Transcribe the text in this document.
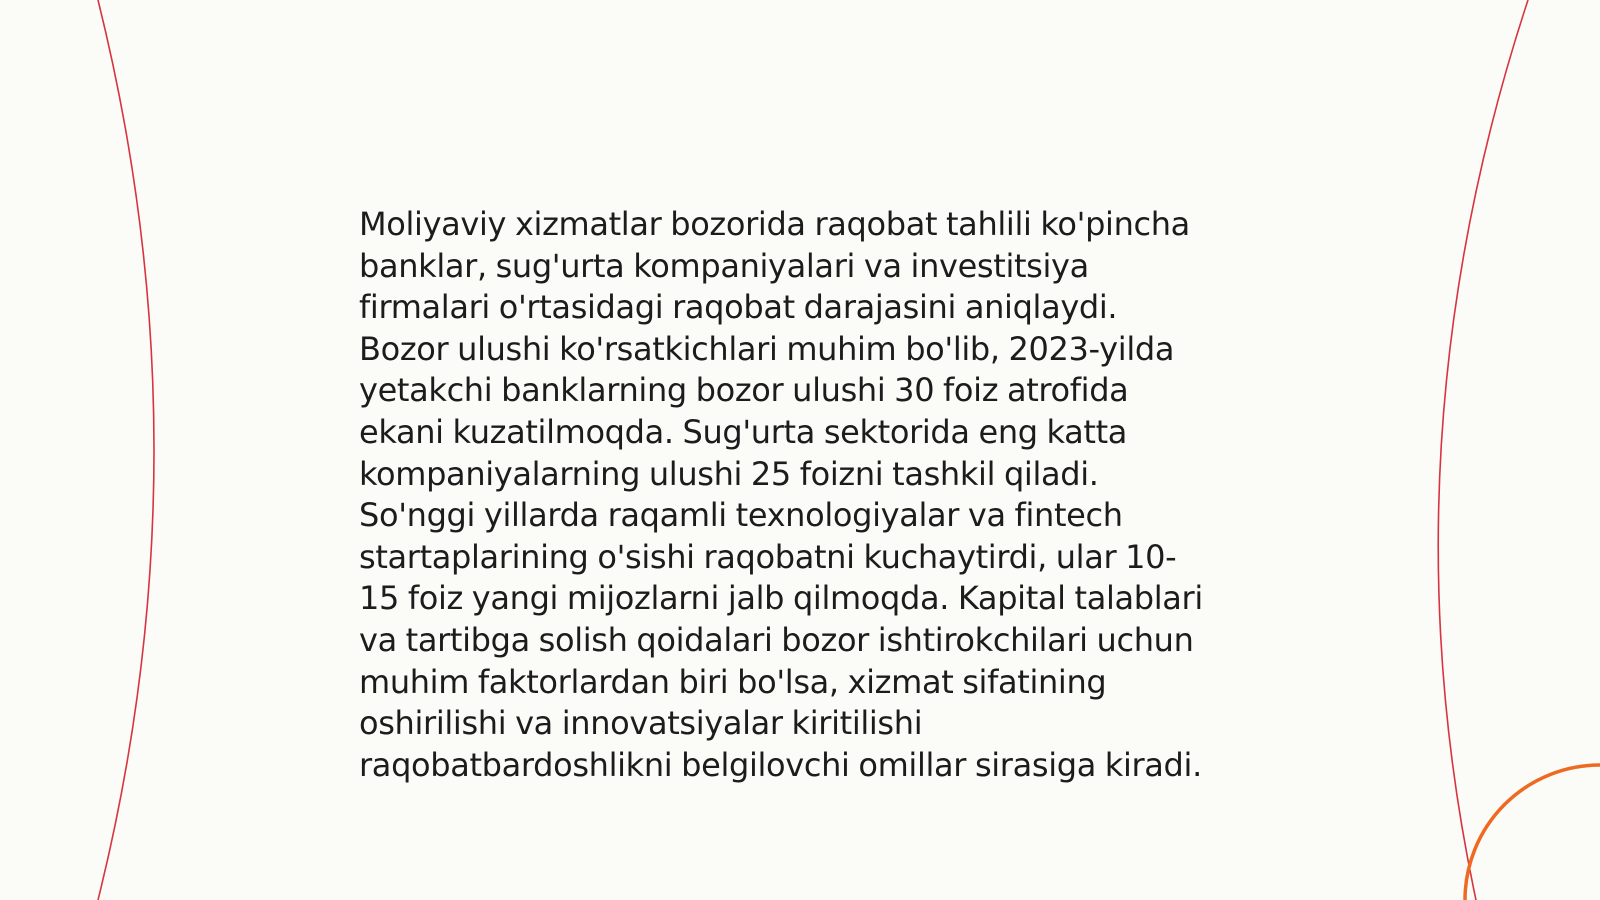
Moliyaviy xizmatlar bozorida raqobat tahlili ko'pincha
banklar, sug'urta kompaniyalari va investitsiya
firmalari o'rtasidagi raqobat darajasini aniqlaydi.
Bozor ulushi ko'rsatkichlari muhim bo'lib, 2023-yilda
yetakchi banklarning bozor ulushi 30 foiz atrofida
ekani kuzatilmoqda. Sug'urta sektorida eng katta
kompaniyalarning ulushi 25 foizni tashkil qiladi.
So'nggi yillarda raqamli texnologiyalar va fintech
startaplarining o'sishi raqobatni kuchaytirdi, ular 10-
15 foiz yangi mijozlarni jalb qilmoqda. Kapital talablari
va tartibga solish qoidalari bozor ishtirokchilari uchun
muhim faktorlardan biri bo'lsa, xizmat sifatining
oshirilishi va innovatsiyalar kiritilishi
raqobatbardoshlikni belgilovchi omillar sirasiga kiradi.
